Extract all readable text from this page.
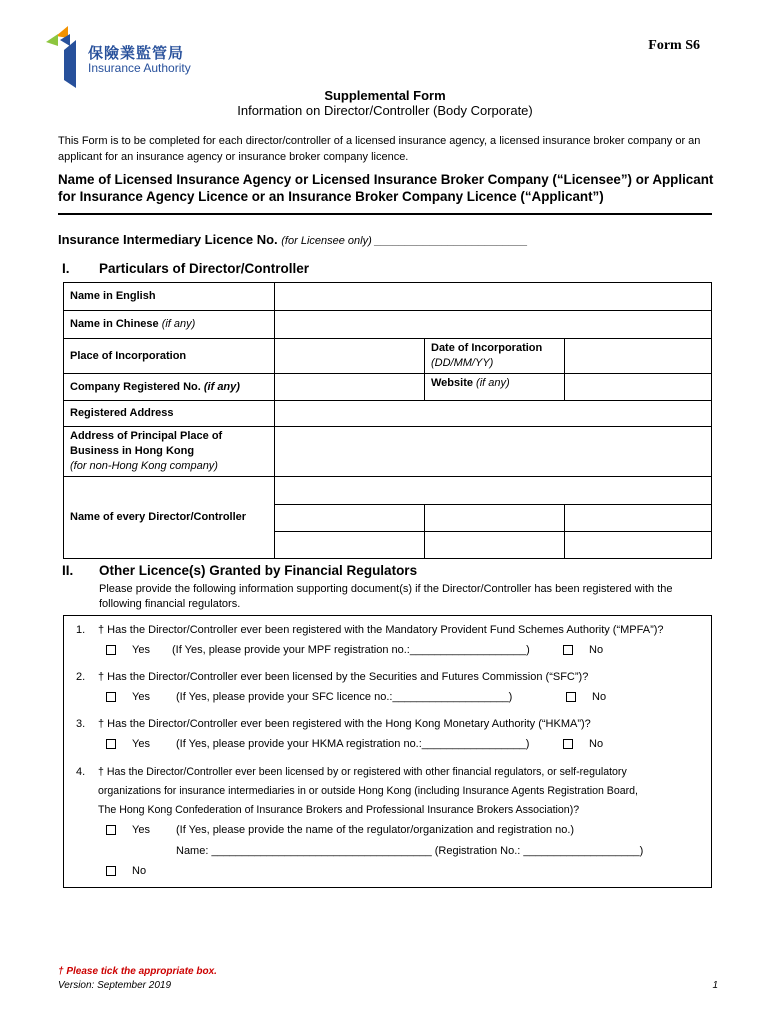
保險業監管局
Insurance Authority
Form S6
Supplemental Form
Information on Director/Controller (Body Corporate)
This Form is to be completed for each director/controller of a licensed insurance agency, a licensed insurance broker company or an applicant for an insurance agency or insurance broker company licence.
Name of Licensed Insurance Agency or Licensed Insurance Broker Company (“Licensee”) or Applicant for Insurance Agency Licence or an Insurance Broker Company Licence (“Applicant”)
Insurance Intermediary Licence No. (for Licensee only) _________________________
I. Particulars of Director/Controller
Name in English			
Name in Chinese (if any)			
Place of Incorporation		Date of Incorporation
(DD/MM/YY)	

Company Registered No. (if any)		Website (if any)	
Registered Address			

Address of Principal Place of Business in Hong Kong
(for non-Hong Kong company)			

Name of every Director/Controller			

II. Other Licence(s) Granted by Financial Regulators
Please provide the following information supporting document(s) if the Director/Controller has been registered with the following financial regulators.
1. † Has the Director/Controller ever been registered with the Mandatory Provident Fund Schemes Authority (“MPFA”)?
Yes (If Yes, please provide your MPF registration no.:___________________)	No
2. † Has the Director/Controller ever been licensed by the Securities and Futures Commission (“SFC”)?
Yes (If Yes, please provide your SFC licence no.:___________________)	No
3. † Has the Director/Controller ever been registered with the Hong Kong Monetary Authority (“HKMA”)?
Yes (If Yes, please provide your HKMA registration no.:_________________)	No
4. † Has the Director/Controller ever been licensed by or registered with other financial regulators, or self-regulatory
organizations for insurance intermediaries in or outside Hong Kong (including Insurance Agents Registration Board,
The Hong Kong Confederation of Insurance Brokers and Professional Insurance Brokers Association)?
Yes (If Yes, please provide the name of the regulator/organization and registration no.)
Name: ____________________________________ (Registration No.: ___________________)
No
† Please tick the appropriate box.
Version: September 2019	1
